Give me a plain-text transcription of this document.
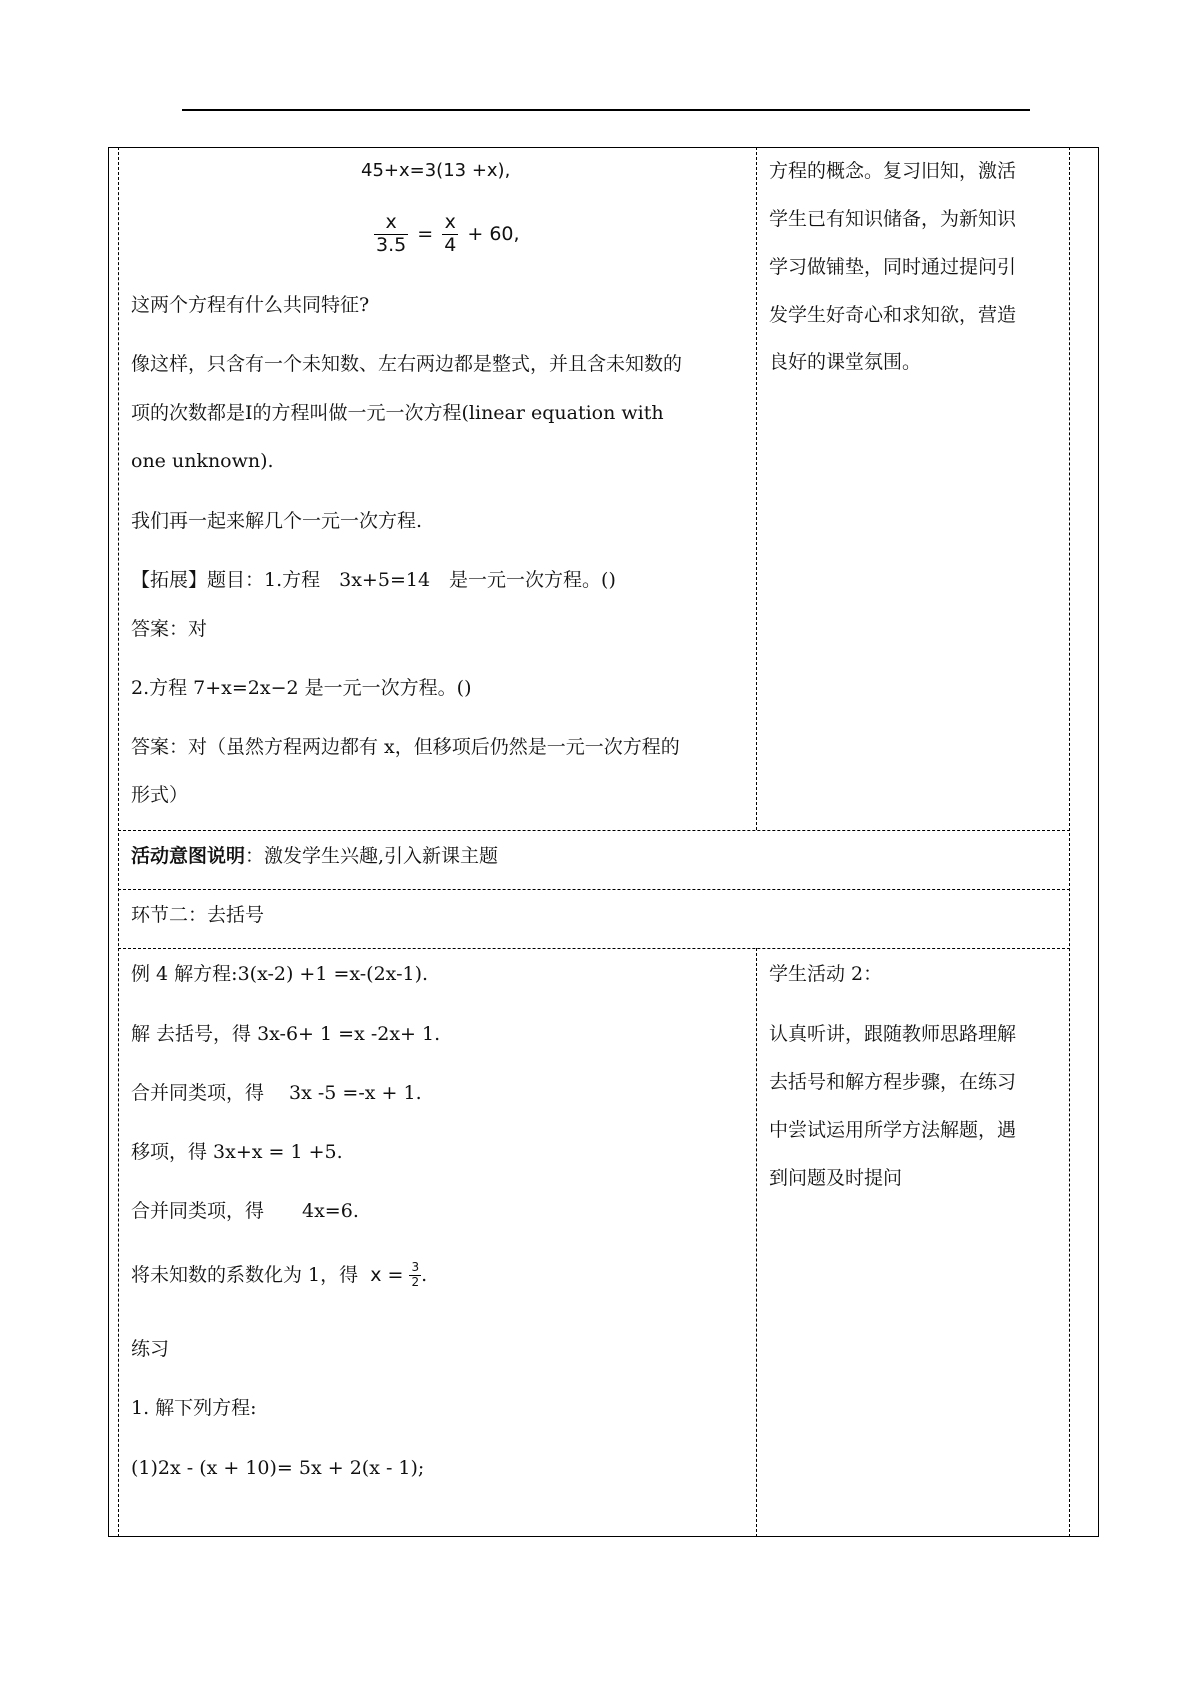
45+x=3(13 +x),
$\frac{x}{3.5} = \frac{x}{4} + 60$,
这两个方程有什么共同特征?
像这样，只含有一个未知数、左右两边都是整式，并且含未知数的
项的次数都是Ⅰ的方程叫做一元一次方程(linear equation with
one unknown).
我们再一起来解几个一元一次方程.
【拓展】题目：1.方程　3x+5=14　是一元一次方程。()
答案：对
2.方程 7+x=2x−2 是一元一次方程。()
答案：对（虽然方程两边都有 x，但移项后仍然是一元一次方程的
形式）
方程的概念。复习旧知，激活
学生已有知识储备，为新知识
学习做铺垫，同时通过提问引
发学生好奇心和求知欲，营造
良好的课堂氛围。
活动意图说明：激发学生兴趣,引入新课主题
环节二：去括号
例 4 解方程:3(x-2) +1 =x-(2x-1).
解 去括号，得 3x-6+ 1 =x -2x+ 1.
合并同类项，得　 3x -5 =-x + 1.
移项，得 3x+x = 1 +5.
合并同类项，得　　4x=6.
将未知数的系数化为 1，得 $x = \frac{3}{2}$ .
练习
1. 解下列方程:
(1)2x - (x + 10)= 5x + 2(x - 1);
学生活动 2：
认真听讲，跟随教师思路理解
去括号和解方程步骤，在练习
中尝试运用所学方法解题，遇
到问题及时提问
